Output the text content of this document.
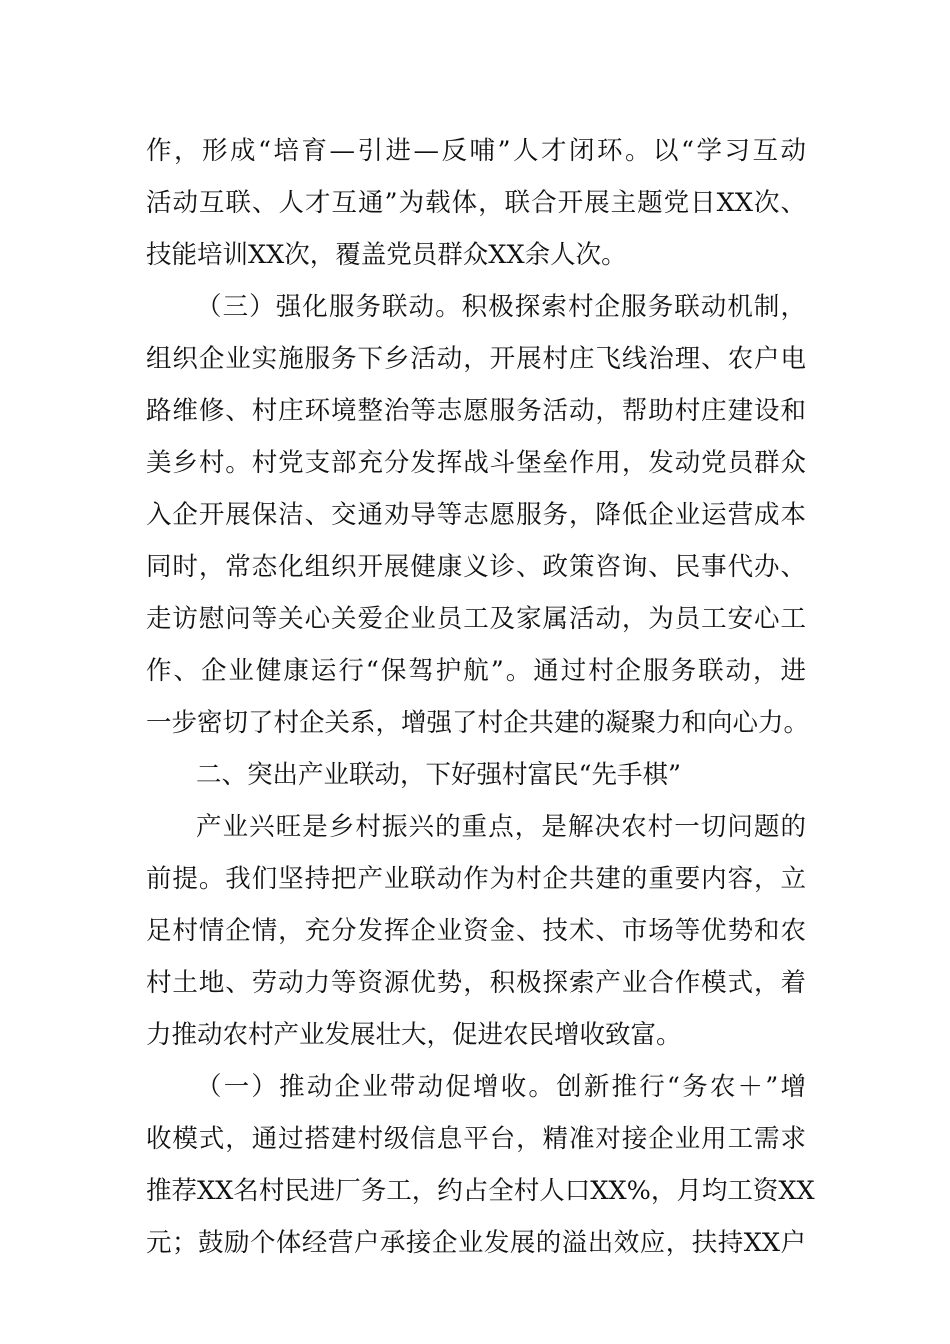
作，形成“培育—引进—反哺”人才闭环。以“学习互动
活动互联、人才互通”为载体，联合开展主题党日XX次、
技能培训XX次，覆盖党员群众XX余人次。
（三）强化服务联动。积极探索村企服务联动机制，
组织企业实施服务下乡活动，开展村庄飞线治理、农户电
路维修、村庄环境整治等志愿服务活动，帮助村庄建设和
美乡村。村党支部充分发挥战斗堡垒作用，发动党员群众
入企开展保洁、交通劝导等志愿服务，降低企业运营成本
同时，常态化组织开展健康义诊、政策咨询、民事代办、
走访慰问等关心关爱企业员工及家属活动，为员工安心工
作、企业健康运行“保驾护航”。通过村企服务联动，进
一步密切了村企关系，增强了村企共建的凝聚力和向心力。
二、突出产业联动，下好强村富民“先手棋”
产业兴旺是乡村振兴的重点，是解决农村一切问题的
前提。我们坚持把产业联动作为村企共建的重要内容，立
足村情企情，充分发挥企业资金、技术、市场等优势和农
村土地、劳动力等资源优势，积极探索产业合作模式，着
力推动农村产业发展壮大，促进农民增收致富。
（一）推动企业带动促增收。创新推行“务农＋”增
收模式，通过搭建村级信息平台，精准对接企业用工需求
推荐XX名村民进厂务工，约占全村人口XX%，月均工资XX
元；鼓励个体经营户承接企业发展的溢出效应，扶持XX户
